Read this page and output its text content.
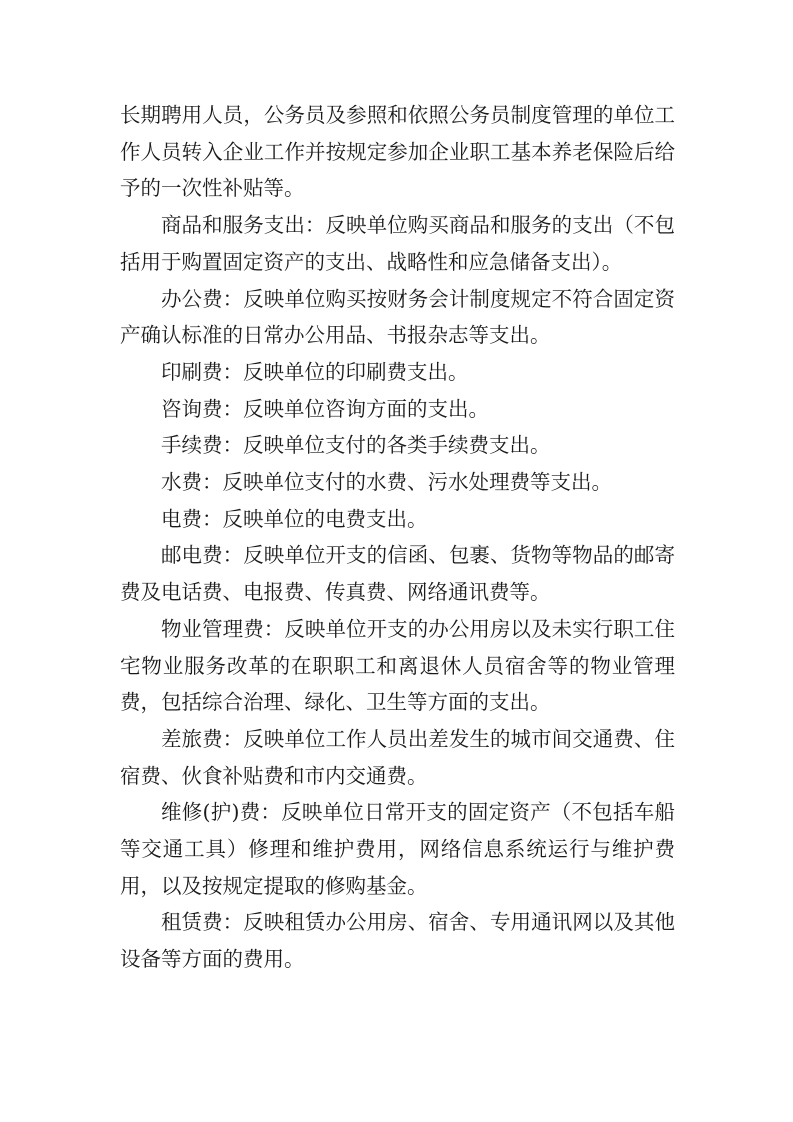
长期聘用人员，公务员及参照和依照公务员制度管理的单位工作人员转入企业工作并按规定参加企业职工基本养老保险后给予的一次性补贴等。

商品和服务支出：反映单位购买商品和服务的支出（不包括用于购置固定资产的支出、战略性和应急储备支出）。

办公费：反映单位购买按财务会计制度规定不符合固定资产确认标准的日常办公用品、书报杂志等支出。

印刷费：反映单位的印刷费支出。

咨询费：反映单位咨询方面的支出。

手续费：反映单位支付的各类手续费支出。

水费：反映单位支付的水费、污水处理费等支出。

电费：反映单位的电费支出。

邮电费：反映单位开支的信函、包裹、货物等物品的邮寄费及电话费、电报费、传真费、网络通讯费等。

物业管理费：反映单位开支的办公用房以及未实行职工住宅物业服务改革的在职职工和离退休人员宿舍等的物业管理费，包括综合治理、绿化、卫生等方面的支出。

差旅费：反映单位工作人员出差发生的城市间交通费、住宿费、伙食补贴费和市内交通费。

维修(护)费：反映单位日常开支的固定资产（不包括车船等交通工具）修理和维护费用，网络信息系统运行与维护费用，以及按规定提取的修购基金。

租赁费：反映租赁办公用房、宿舍、专用通讯网以及其他设备等方面的费用。
